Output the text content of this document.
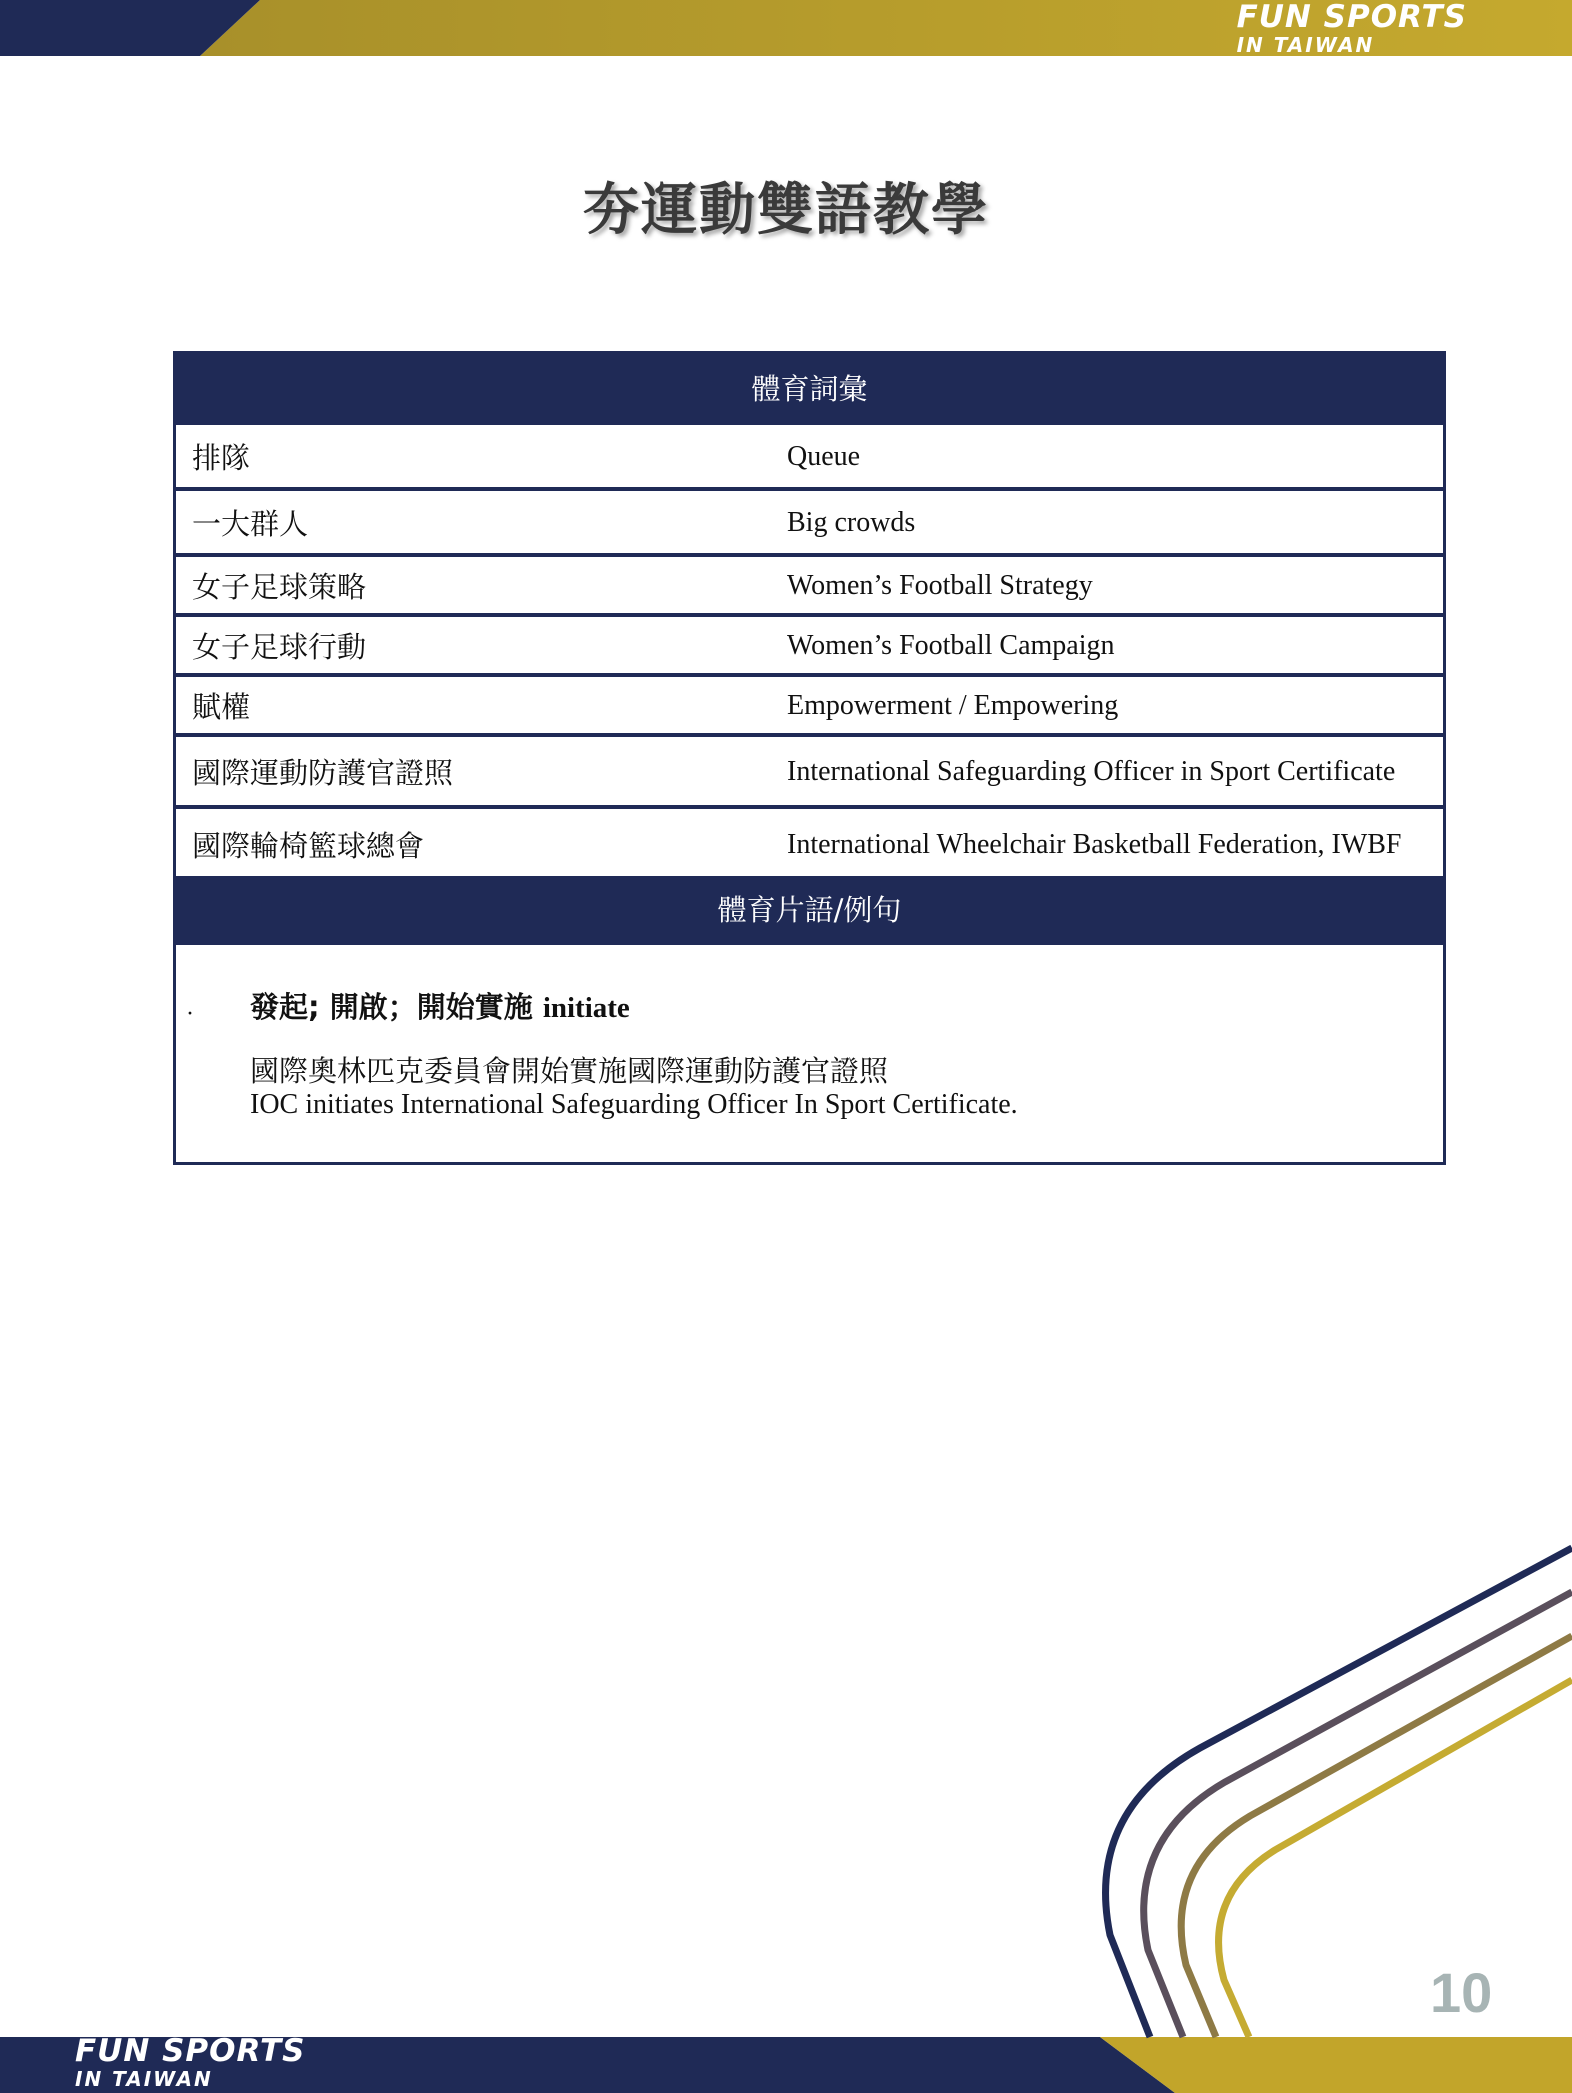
FUN SPORTS
IN TAIWAN
夯運動雙語教學
體育詞彙
排隊	Queue
一大群人	Big crowds
女子足球策略	Women’s Football Strategy
女子足球行動	Women’s Football Campaign
賦權	Empowerment / Empowering
國際運動防護官證照	International Safeguarding Officer in Sport Certificate
國際輪椅籃球總會	International Wheelchair Basketball Federation, IWBF
體育片語/例句
· 發起; 開啟；開始實施 initiate
國際奧林匹克委員會開始實施國際運動防護官證照
IOC initiates International Safeguarding Officer In Sport Certificate.
10
FUN SPORTS
IN TAIWAN
